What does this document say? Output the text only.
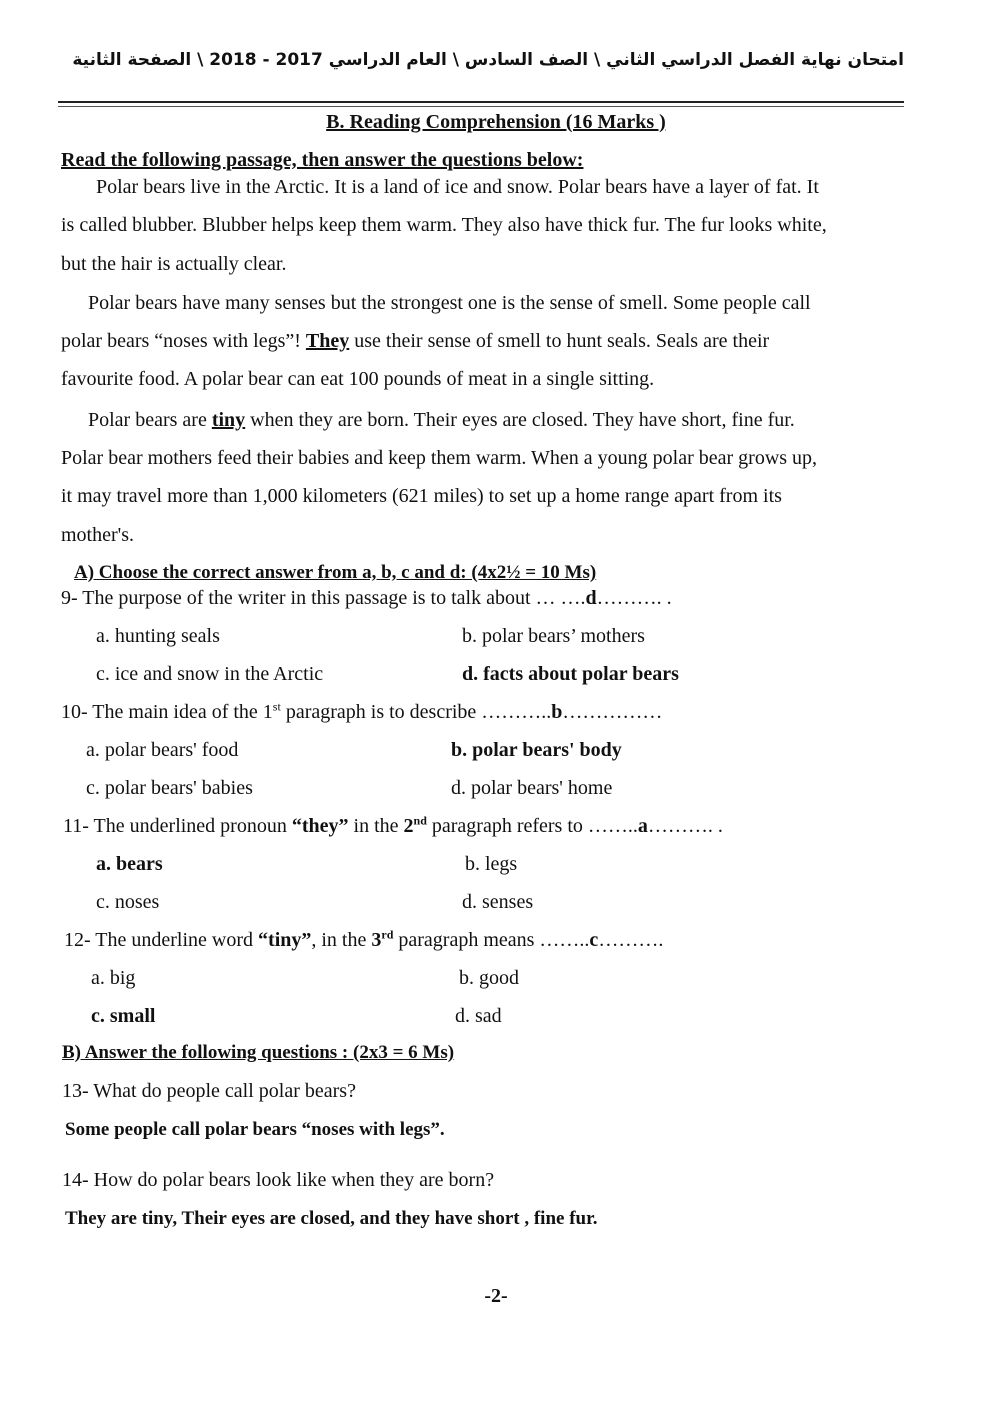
امتحان نهاية الفصل الدراسي الثاني \ الصف السادس \ العام الدراسي 2017 - 2018 \ الصفحة الثانية
B. Reading Comprehension (16 Marks )
Read the following passage, then answer the questions below:
Polar bears live in the Arctic. It is a land of ice and snow. Polar bears have a layer of fat. It
is called blubber. Blubber helps keep them warm. They also have thick fur. The fur looks white,
but the hair is actually clear.
Polar bears have many senses but the strongest one is the sense of smell. Some people call
polar bears “noses with legs”! They use their sense of smell to hunt seals. Seals are their
favourite food. A polar bear can eat 100 pounds of meat in a single sitting.
Polar bears are tiny when they are born. Their eyes are closed. They have short, fine fur.
Polar bear mothers feed their babies and keep them warm. When a young polar bear grows up,
it may travel more than 1,000 kilometers (621 miles) to set up a home range apart from its
mother's.
A) Choose the correct answer from a, b, c and d: (4x2½ = 10 Ms)
9- The purpose of the writer in this passage is to talk about … ….d………. .
a. hunting seals	b. polar bears’ mothers
c. ice and snow in the Arctic	d. facts about polar bears
10- The main idea of the 1st paragraph is to describe ………..b……………
a. polar bears' food	b. polar bears' body
c. polar bears' babies	d. polar bears' home
11- The underlined pronoun “they” in the 2nd paragraph refers to ……..a………. .
a. bears	b. legs
c. noses	d. senses
12- The underline word “tiny”, in the 3rd paragraph means ……..c……….
a. big	b. good
c. small	d. sad
B) Answer the following questions : (2x3 = 6 Ms)
13- What do people call polar bears?
Some people call polar bears “noses with legs”.
14- How do polar bears look like when they are born?
They are tiny, Their eyes are closed, and they have short , fine fur.
-2-
